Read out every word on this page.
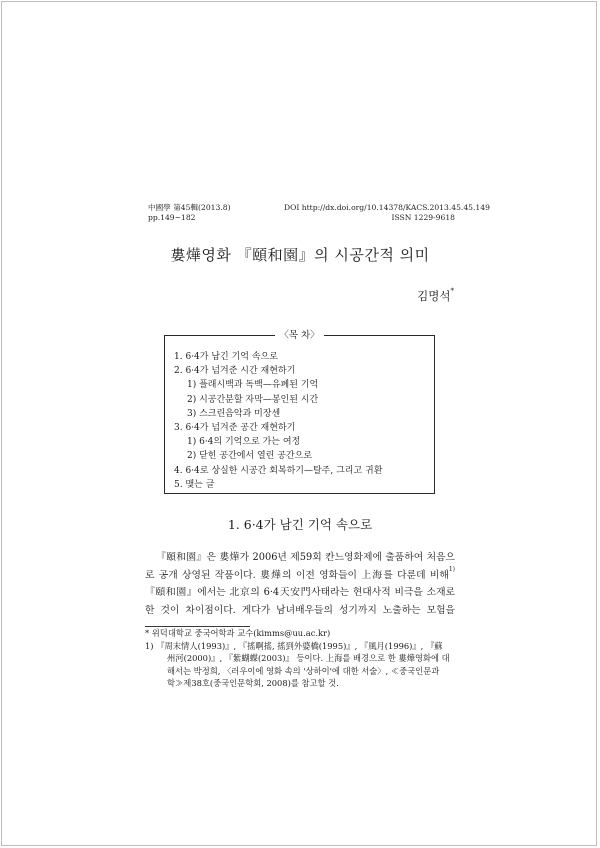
中國學 第45輯(2013.8)
pp.149~182
DOI http://dx.doi.org/10.14378/KACS.2013.45.45.149
ISSN 1229-9618
婁燁영화 『頤和園』의 시공간적 의미
김명석*
〈목 차〉
1. 6·4가 남긴 기억 속으로
2. 6·4가 넘겨준 시간 재현하기
1) 플래시백과 독백—유폐된 기억
2) 시공간분할 자막—봉인된 시간
3) 스크린음악과 미장센
3. 6·4가 넘겨준 공간 재현하기
1) 6·4의 기억으로 가는 여정
2) 닫힌 공간에서 열린 공간으로
4. 6·4로 상실한 시공간 회복하기—탈주, 그리고 귀환
5. 맺는 글
1. 6·4가 남긴 기억 속으로
『頤和園』은 婁燁가 2006년 제59회 칸느영화제에 출품하여 처음으
로 공개 상영된 작품이다. 婁燁의 이전 영화들이 上海를 다룬데 비해$^{1)}$
『頤和園』에서는 北京의 6·4天安門사태라는 현대사적 비극을 소재로
한 것이 차이점이다. 게다가 남녀배우들의 성기까지 노출하는 모험을
* 위덕대학교 중국어학과 교수(kimms@uu.ac.kr)
1) 『周末情人(1993)』, 『搖啊搖, 搖到外婆橋(1995)』, 『風月(1996)』, 『蘇
州河(2000)』, 『紫蝴蝶(2003)』 등이다. 上海를 배경으로 한 婁燁영화에 대
해서는 박정희, 〈러우이에 영화 속의 '상하이'에 대한 서술〉, ≪중국인문과
학≫제38호(중국인문학회, 2008)를 참고할 것.
